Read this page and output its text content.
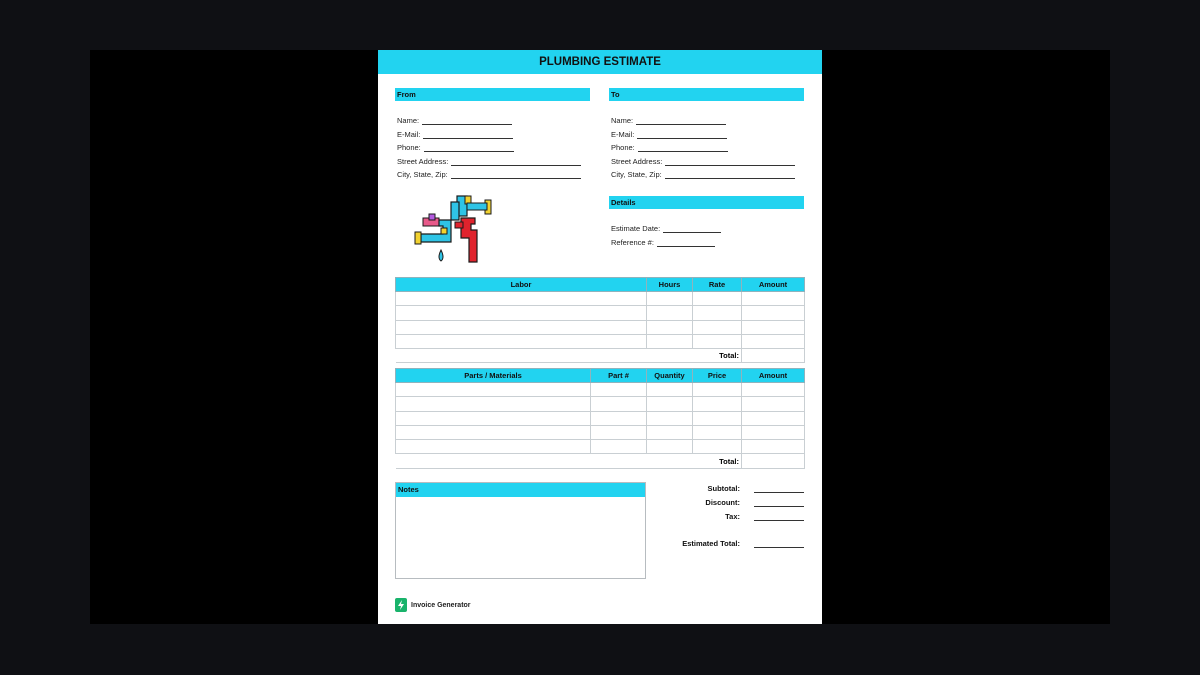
PLUMBING ESTIMATE
From
Name:
E-Mail:
Phone:
Street Address:
City, State, Zip:
To
Name:
E-Mail:
Phone:
Street Address:
City, State, Zip:
Details
Estimate Date:
Reference #:
Labor	Hours	Rate	Amount

Total:			
Parts / Materials	Part #	Quantity	Price	Amount

Total:				
Notes	Subtotal:
Discount:
Tax:
Estimated Total:
Invoice Generator
